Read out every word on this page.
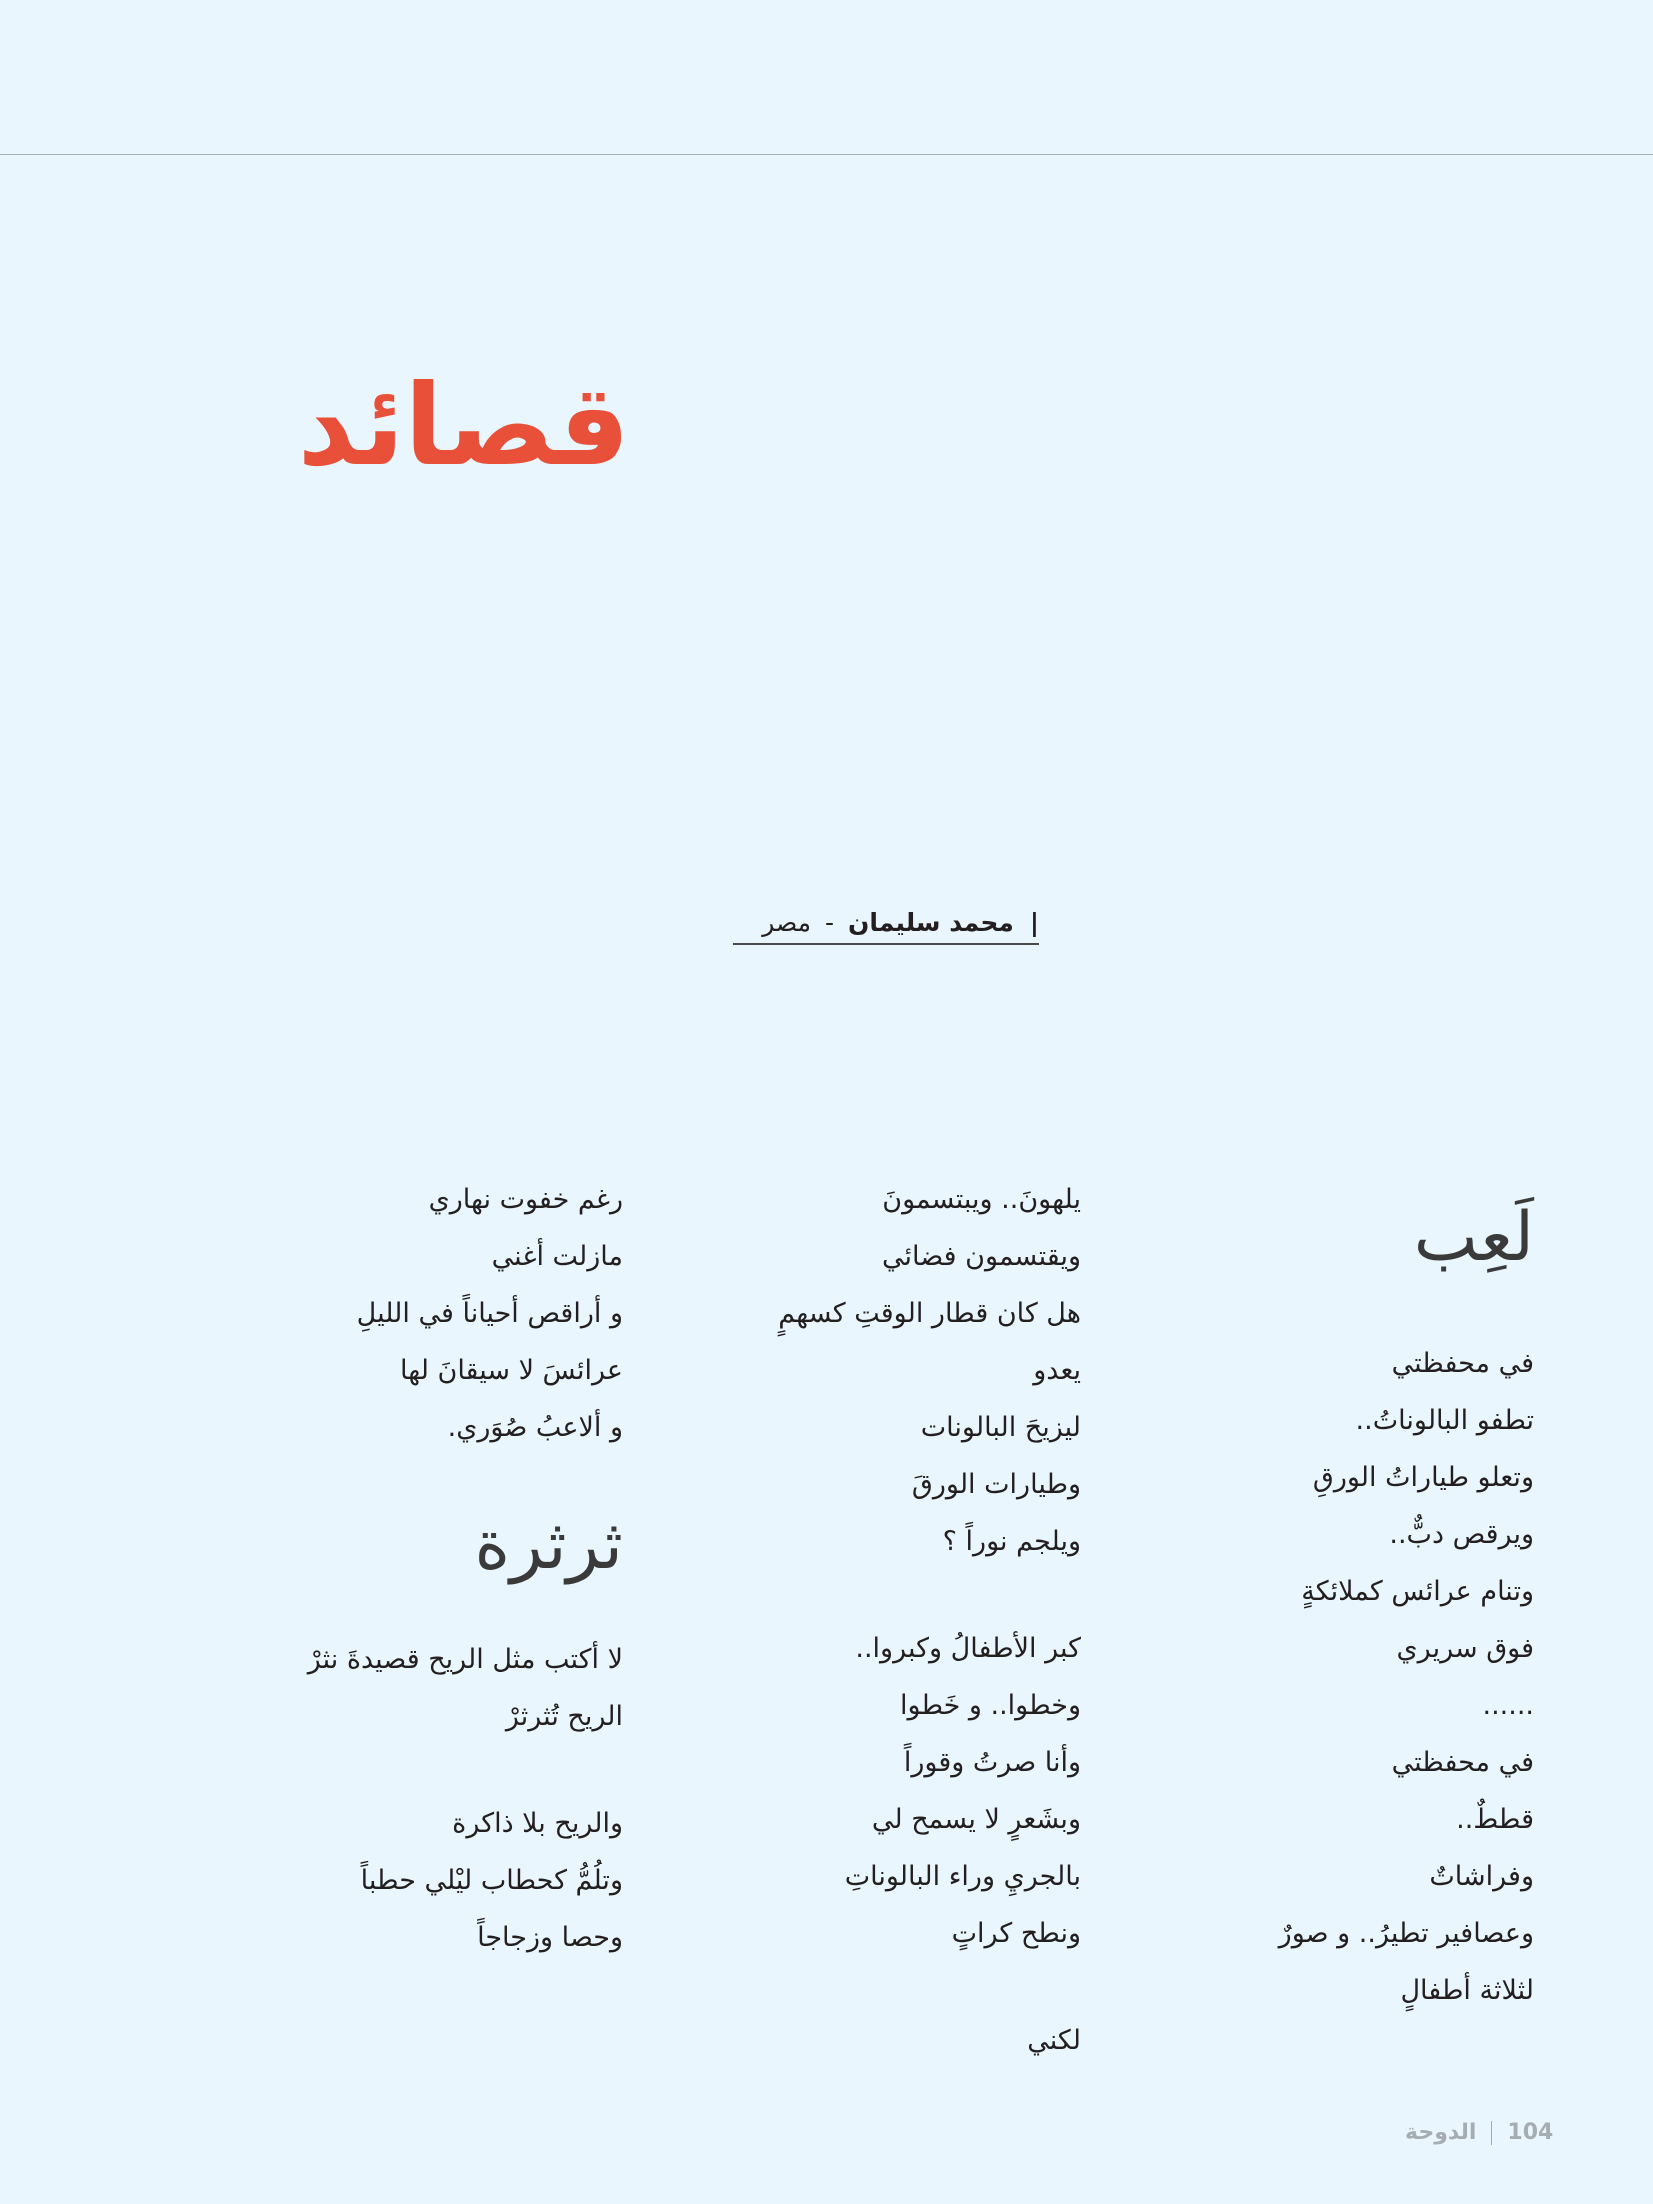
قصائد
| محمد سليمان - مصر
لَعِب
في محفظتي
تطفو البالوناتُ..
وتعلو طياراتُ الورقِ
ويرقص دبٌّ..
وتنام عرائس كملائكةٍ
فوق سريري
......
في محفظتي
قططٌ..
وفراشاتٌ
وعصافير تطيرُ.. و صورٌ
لثلاثة أطفالٍ
يلهونَ.. ويبتسمونَ
ويقتسمون فضائي
هل كان قطار الوقتِ كسهمٍ
يعدو
ليزيحَ البالونات
وطيارات الورقَ
ويلجم نوراً ؟
كبر الأطفالُ وكبروا..
وخطوا.. و خَطوا
وأنا صرتُ وقوراً
وبشَعرٍ لا يسمح لي
بالجريِ وراء البالوناتِ
ونطح كراتٍ
لكني
رغم خفوت نهاري
مازلت أغني
و أراقص أحياناً في الليلِ
عرائسَ لا سيقانَ لها
و ألاعبُ صُوَري.
ثرثرة
لا أكتب مثل الريح قصيدةَ نثرْ
الريح تُثرثرْ
والريح بلا ذاكرة
وتلُمُّ كحطاب ليْلي حطباً
وحصا وزجاجاً
104  الدوحة
